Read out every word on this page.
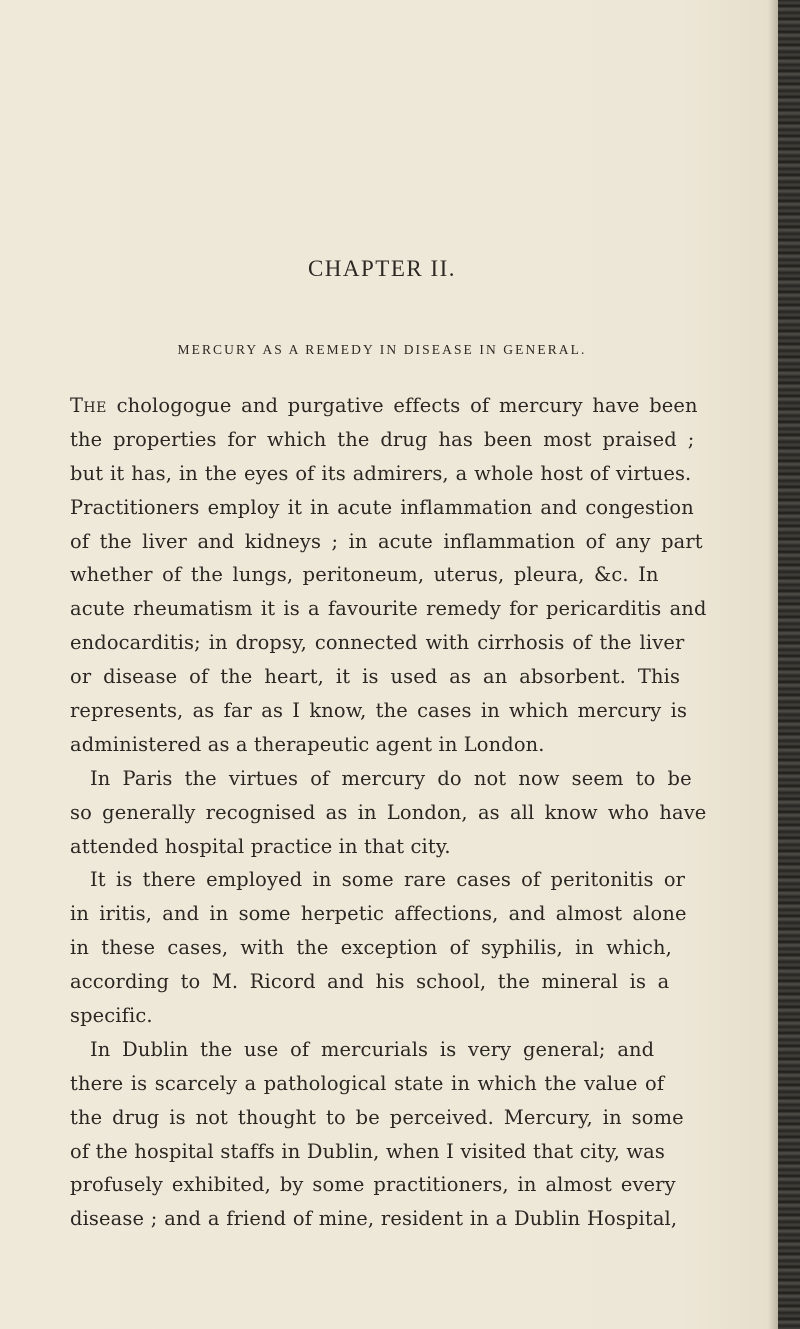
CHAPTER II.
MERCURY AS A REMEDY IN DISEASE IN GENERAL.
The chologogue and purgative effects of mercury have been
the properties for which the drug has been most praised ;
but it has, in the eyes of its admirers, a whole host of virtues.
Practitioners employ it in acute inflammation and congestion
of the liver and kidneys ; in acute inflammation of any part
whether of the lungs, peritoneum, uterus, pleura, &c. In
acute rheumatism it is a favourite remedy for pericarditis and
endocarditis; in dropsy, connected with cirrhosis of the liver
or disease of the heart, it is used as an absorbent. This
represents, as far as I know, the cases in which mercury is
administered as a therapeutic agent in London.
In Paris the virtues of mercury do not now seem to be
so generally recognised as in London, as all know who have
attended hospital practice in that city.
It is there employed in some rare cases of peritonitis or
in iritis, and in some herpetic affections, and almost alone
in these cases, with the exception of syphilis, in which,
according to M. Ricord and his school, the mineral is a
specific.
In Dublin the use of mercurials is very general; and
there is scarcely a pathological state in which the value of
the drug is not thought to be perceived. Mercury, in some
of the hospital staffs in Dublin, when I visited that city, was
profusely exhibited, by some practitioners, in almost every
disease ; and a friend of mine, resident in a Dublin Hospital,
